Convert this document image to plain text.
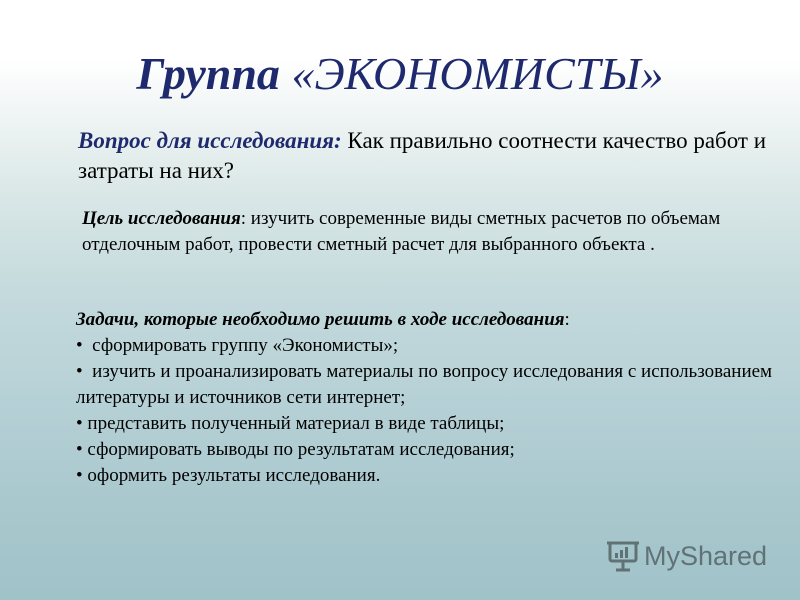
Группа «ЭКОНОМИСТЫ»
Вопрос для исследования: Как правильно соотнести качество работ и затраты на них?
Цель исследования: изучить современные виды сметных расчетов по объемам отделочным работ, провести сметный расчет для выбранного объекта .
Задачи, которые необходимо решить в ходе исследования:
•  сформировать группу «Экономисты»;
•  изучить и проанализировать материалы по вопросу исследования с использованием литературы и источников сети интернет;
• представить полученный материал в виде таблицы;
• сформировать выводы по результатам исследования;
• оформить результаты исследования.
MyShared
